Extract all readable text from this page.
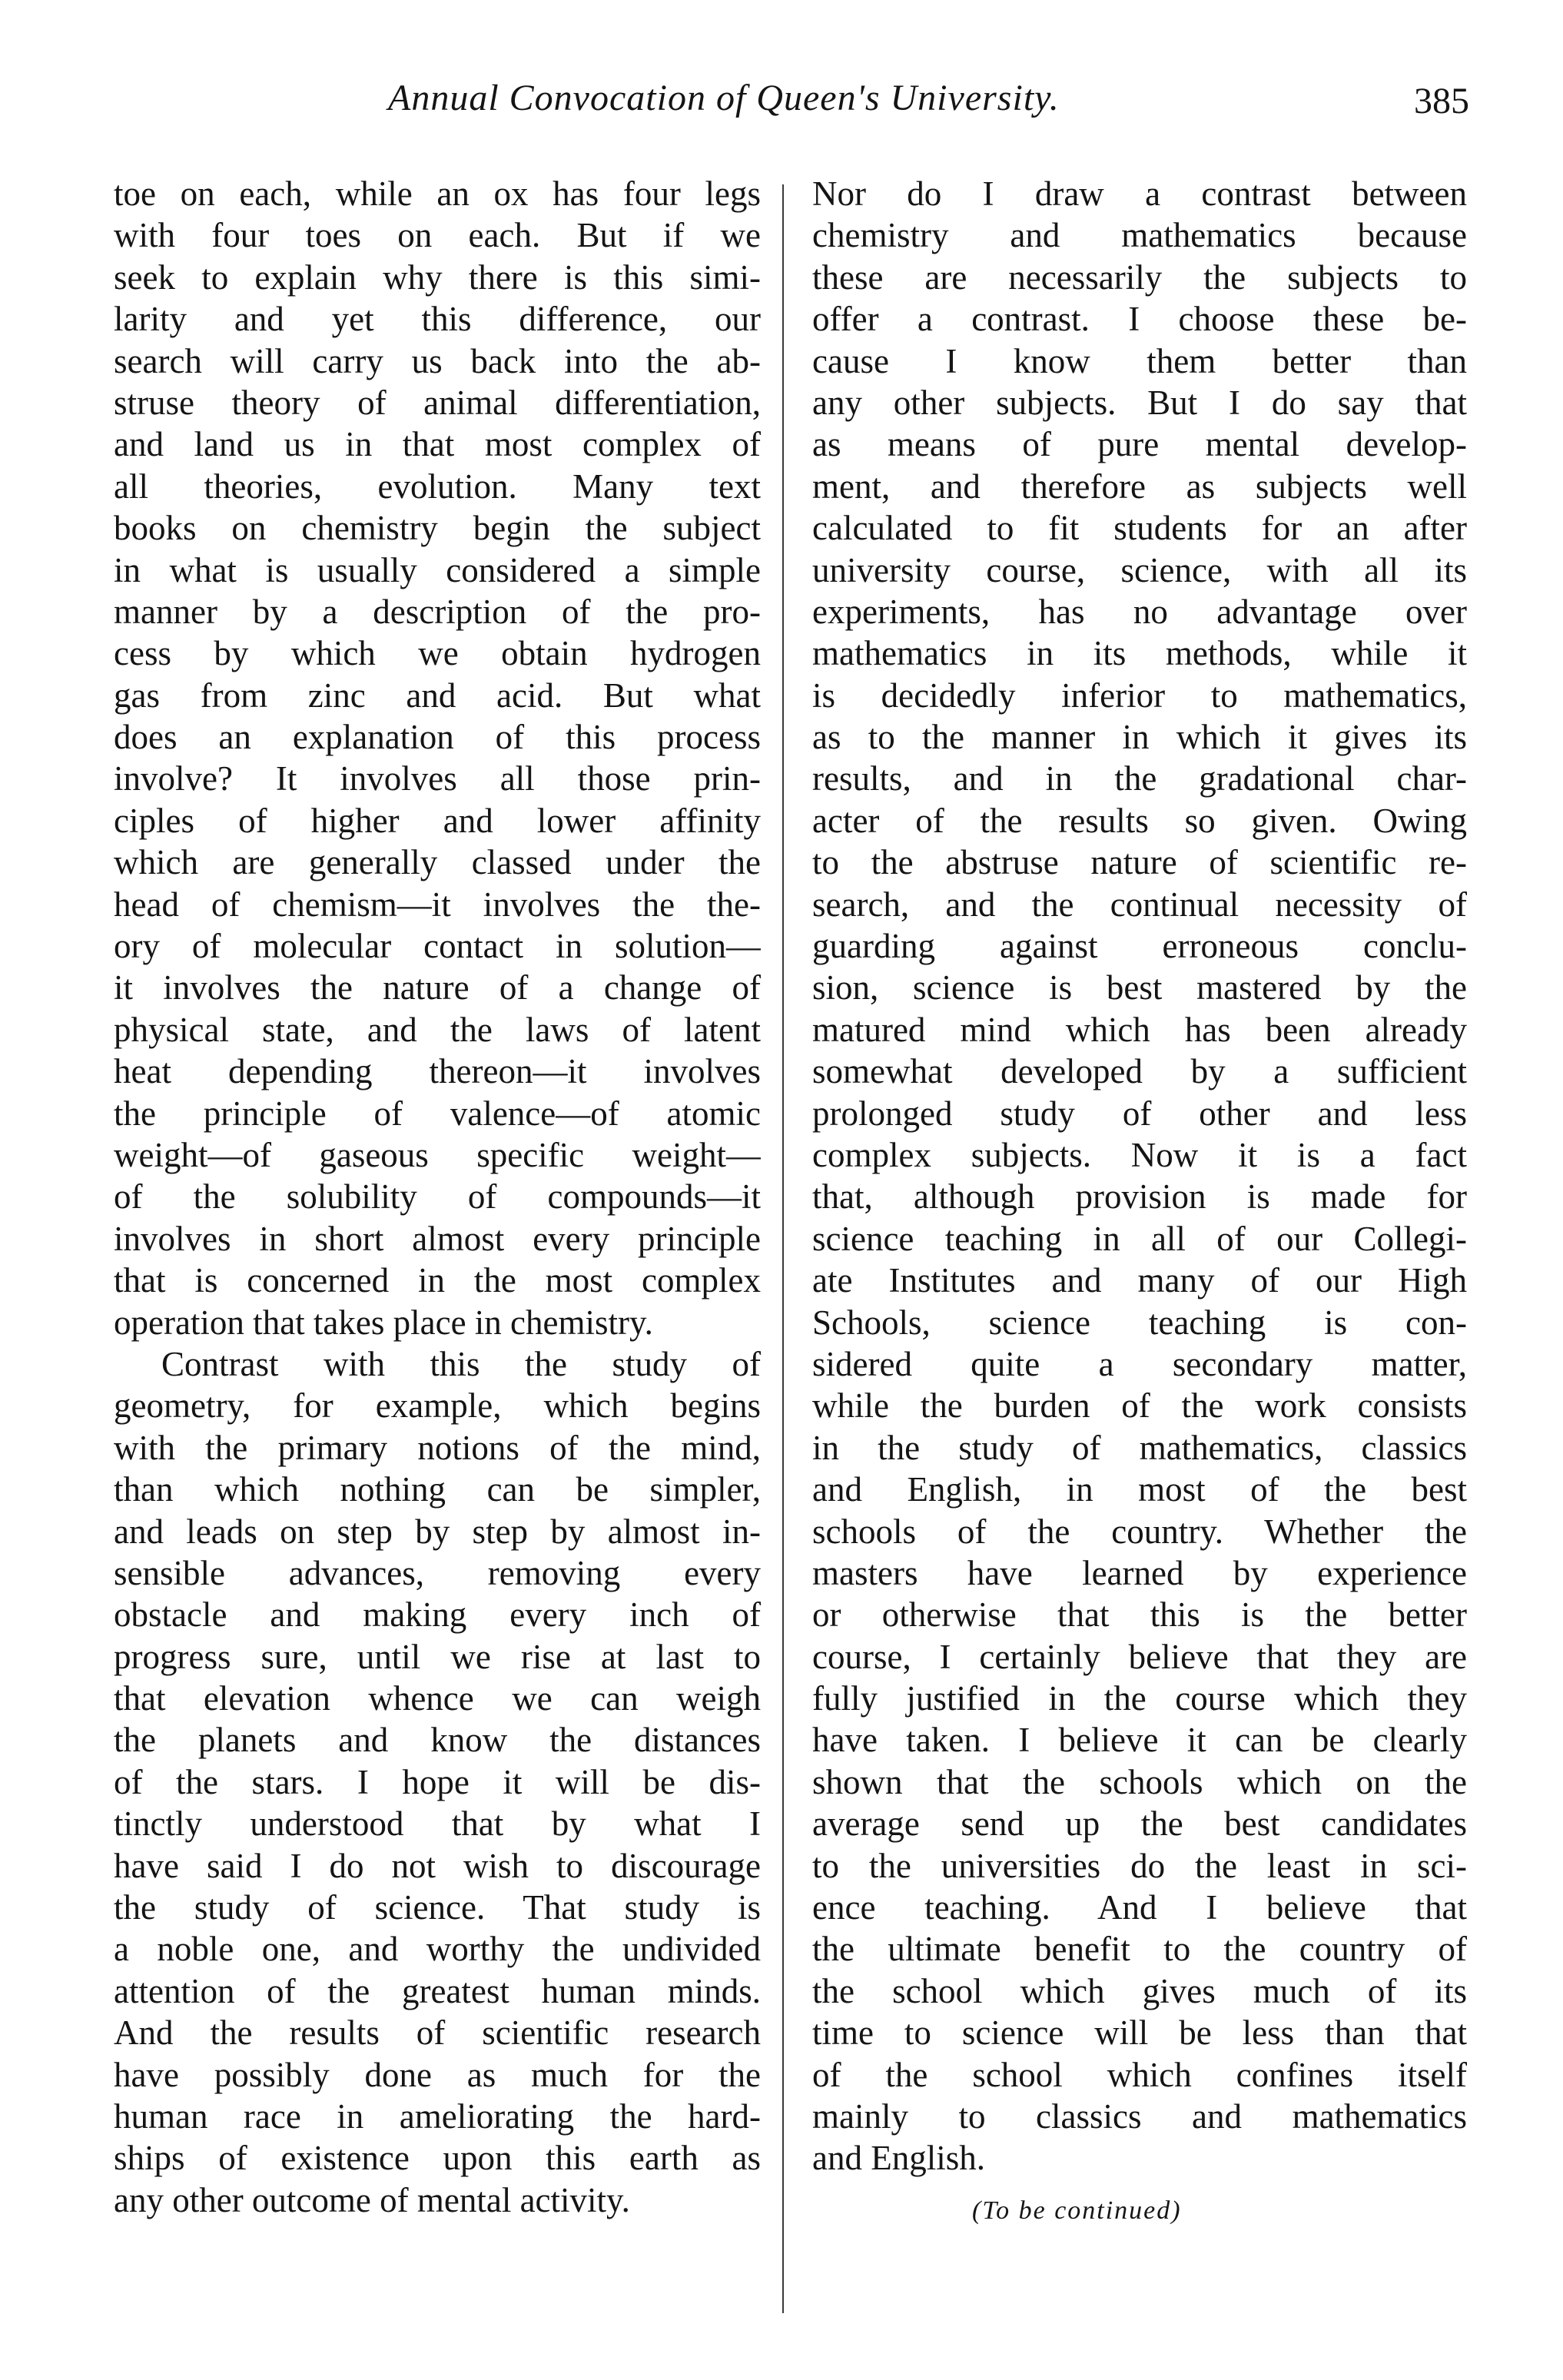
Annual Convocation of Queen's University.	385
toe on each, while an ox has four legs
with four toes on each. But if we
seek to explain why there is this simi-
larity and yet this difference, our
search will carry us back into the ab-
struse theory of animal differentiation,
and land us in that most complex of
all theories, evolution. Many text
books on chemistry begin the subject
in what is usually considered a simple
manner by a description of the pro-
cess by which we obtain hydrogen
gas from zinc and acid. But what
does an explanation of this process
involve? It involves all those prin-
ciples of higher and lower affinity
which are generally classed under the
head of chemism—it involves the the-
ory of molecular contact in solution—
it involves the nature of a change of
physical state, and the laws of latent
heat depending thereon—it involves
the principle of valence—of atomic
weight—of gaseous specific weight—
of the solubility of compounds—it
involves in short almost every principle
that is concerned in the most complex
operation that takes place in chemistry.
Contrast with this the study of
geometry, for example, which begins
with the primary notions of the mind,
than which nothing can be simpler,
and leads on step by step by almost in-
sensible advances, removing every
obstacle and making every inch of
progress sure, until we rise at last to
that elevation whence we can weigh
the planets and know the distances
of the stars. I hope it will be dis-
tinctly understood that by what I
have said I do not wish to discourage
the study of science. That study is
a noble one, and worthy the undivided
attention of the greatest human minds.
And the results of scientific research
have possibly done as much for the
human race in ameliorating the hard-
ships of existence upon this earth as
any other outcome of mental activity.
Nor do I draw a contrast between
chemistry and mathematics because
these are necessarily the subjects to
offer a contrast. I choose these be-
cause I know them better than
any other subjects. But I do say that
as means of pure mental develop-
ment, and therefore as subjects well
calculated to fit students for an after
university course, science, with all its
experiments, has no advantage over
mathematics in its methods, while it
is decidedly inferior to mathematics,
as to the manner in which it gives its
results, and in the gradational char-
acter of the results so given. Owing
to the abstruse nature of scientific re-
search, and the continual necessity of
guarding against erroneous conclu-
sion, science is best mastered by the
matured mind which has been already
somewhat developed by a sufficient
prolonged study of other and less
complex subjects. Now it is a fact
that, although provision is made for
science teaching in all of our Collegi-
ate Institutes and many of our High
Schools, science teaching is con-
sidered quite a secondary matter,
while the burden of the work consists
in the study of mathematics, classics
and English, in most of the best
schools of the country. Whether the
masters have learned by experience
or otherwise that this is the better
course, I certainly believe that they are
fully justified in the course which they
have taken. I believe it can be clearly
shown that the schools which on the
average send up the best candidates
to the universities do the least in sci-
ence teaching. And I believe that
the ultimate benefit to the country of
the school which gives much of its
time to science will be less than that
of the school which confines itself
mainly to classics and mathematics
and English.
(To be continued)
